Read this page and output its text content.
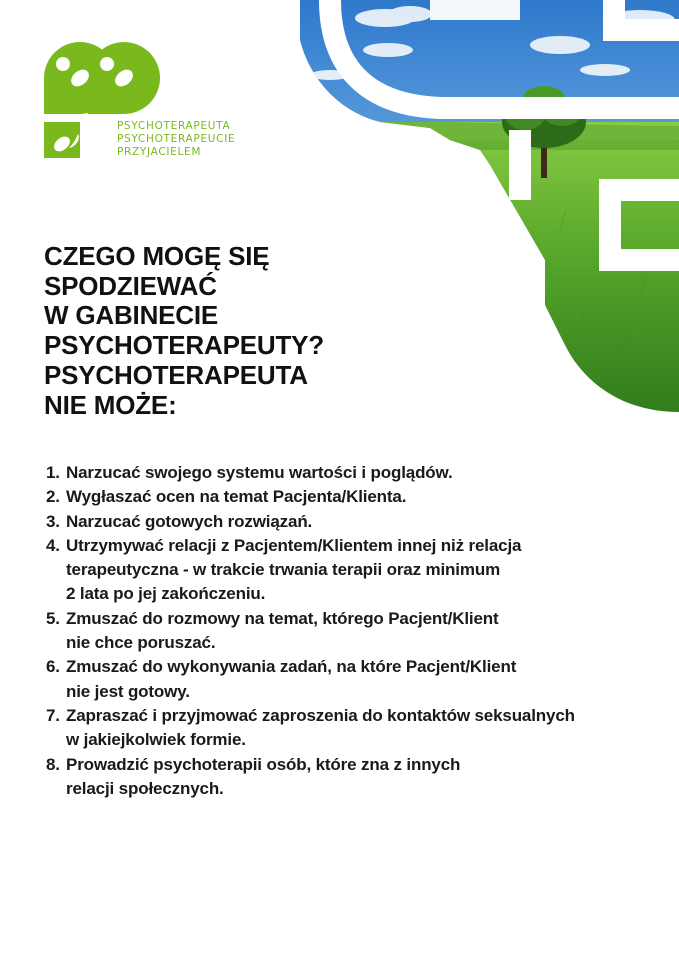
PSYCHOTERAPEUTA
PSYCHOTERAPEUCIE
PRZYJACIELEM

CZEGO MOGĘ SIĘ
SPODZIEWAĆ
W GABINECIE
PSYCHOTERAPEUTY?
PSYCHOTERAPEUTA
NIE MOŻE:
1. Narzucać swojego systemu wartości i poglądów.
2. Wygłaszać ocen na temat Pacjenta/Klienta.
3. Narzucać gotowych rozwiązań.
4. Utrzymywać relacji z Pacjentem/Klientem innej niż relacja
terapeutyczna - w trakcie trwania terapii oraz minimum
2 lata po jej zakończeniu.
5. Zmuszać do rozmowy na temat, którego Pacjent/Klient
nie chce poruszać.
6. Zmuszać do wykonywania zadań, na które Pacjent/Klient
nie jest gotowy.
7. Zapraszać i przyjmować zaproszenia do kontaktów seksualnych
w jakiejkolwiek formie.
8. Prowadzić psychoterapii osób, które zna z innych
relacji społecznych.
